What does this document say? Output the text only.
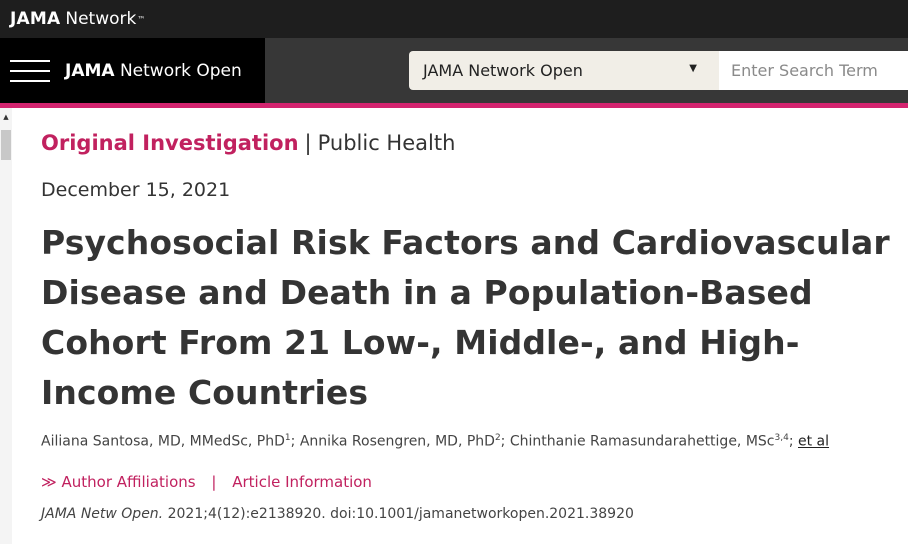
JAMA Network ™
JAMA Network Open	JAMA Network Open	▼
Enter Search Term
▲
Original Investigation | Public Health
December 15, 2021
Psychosocial Risk Factors and Cardiovascular Disease and Death in a Population-Based Cohort From 21 Low-, Middle-, and High-Income Countries
Ailiana Santosa, MD, MMedSc, PhD$^1$; Annika Rosengren, MD, PhD$^2$; Chinthanie Ramasundarahettige, MSc$^{3,4}$; et al
≫ Author Affiliations | Article Information
JAMA Netw Open. 2021;4(12):e2138920. doi:10.1001/jamanetworkopen.2021.38920
